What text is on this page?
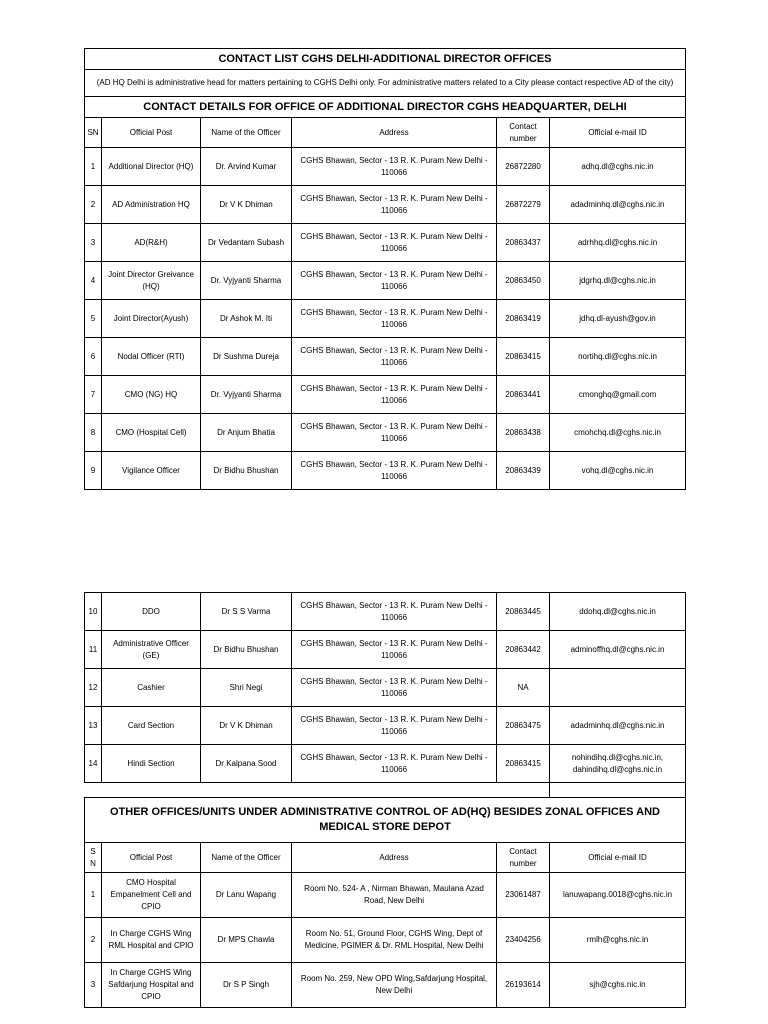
CONTACT LIST CGHS DELHI-ADDITIONAL DIRECTOR OFFICES					
(AD HQ Delhi is administrative head for matters pertaining to CGHS Delhi only. For administrative matters related to a City please contact respective AD of the city)					
CONTACT DETAILS FOR OFFICE OF ADDITIONAL DIRECTOR CGHS HEADQUARTER, DELHI					
SN	Official Post	Name of the Officer	Address	Contact number	Official e-mail ID
1	Additional Director (HQ)	Dr. Arvind Kumar	CGHS Bhawan, Sector - 13 R. K. Puram New Delhi - 110066	26872280	adhq.dl@cghs.nic.in
2	AD Administration HQ	Dr V K Dhiman	CGHS Bhawan, Sector - 13 R. K. Puram New Delhi - 110066	26872279	adadminhq.dl@cghs.nic.in
3	AD(R&H)	Dr Vedantam Subash	CGHS Bhawan, Sector - 13 R. K. Puram New Delhi - 110066	20863437	adrhhq.dl@cghs.nic.in
4	Joint Director Greivance (HQ)	Dr. Vyjyanti Sharma	CGHS Bhawan, Sector - 13 R. K. Puram New Delhi - 110066	20863450	jdgrhq.dl@cghs.nic.in
5	Joint Director(Ayush)	Dr Ashok M. Iti	CGHS Bhawan, Sector - 13 R. K. Puram New Delhi - 110066	20863419	jdhq.dl-ayush@gov.in
6	Nodal Officer (RTI)	Dr Sushma Dureja	CGHS Bhawan, Sector - 13 R. K. Puram New Delhi - 110066	20863415	nortihq.dl@cghs.nic.in
7	CMO (NG) HQ	Dr. Vyjyanti Sharma	CGHS Bhawan, Sector - 13 R. K. Puram New Delhi - 110066	20863441	cmonghq@gmail.com
8	CMO (Hospital Cell)	Dr Anjum Bhatia	CGHS Bhawan, Sector - 13 R. K. Puram New Delhi - 110066	20863438	cmohchq.dl@cghs.nic.in
9	Vigilance Officer	Dr Bidhu Bhushan	CGHS Bhawan, Sector - 13 R. K. Puram New Delhi - 110066	20863439	vohq.dl@cghs.nic.in
10	DDO	Dr S S Varma	CGHS Bhawan, Sector - 13 R. K. Puram New Delhi - 110066	20863445	ddohq.dl@cghs.nic.in
11	Administrative Officer (GE)	Dr Bidhu Bhushan	CGHS Bhawan, Sector - 13 R. K. Puram New Delhi - 110066	20863442	adminoffhq.dl@cghs.nic.in
12	Cashier	Shri Negi	CGHS Bhawan, Sector - 13 R. K. Puram New Delhi - 110066	NA	
13	Card Section	Dr V K Dhiman	CGHS Bhawan, Sector - 13 R. K. Puram New Delhi - 110066	20863475	adadminhq.dl@cghs.nic.in
14	Hindi Section	Dr Kalpana Sood	CGHS Bhawan, Sector - 13 R. K. Puram New Delhi - 110066	20863415	nohindihq.dl@cghs.nic.in, dahindihq.dl@cghs.nic.in

OTHER OFFICES/UNITS UNDER ADMINISTRATIVE CONTROL OF AD(HQ) BESIDES ZONAL OFFICES AND MEDICAL STORE DEPOT					
S N	Official Post	Name of the Officer	Address	Contact number	Official e-mail ID
1	CMO Hospital Empanelment Cell and CPIO	Dr Lanu Wapang	Room No. 524- A , Nirman Bhawan, Maulana Azad Road, New Delhi	23061487	lanuwapang.0018@cghs.nic.in
2	In Charge CGHS Wing RML Hospital and CPIO	Dr MPS Chawla	Room No. 51, Ground Floor, CGHS Wing, Dept of Medicine, PGIMER & Dr. RML Hospital, New Delhi	23404256	rmlh@cghs.nic.in
3	In Charge CGHS Wing Safdarjung Hospital and CPIO	Dr S P Singh	Room No. 259, New OPD Wing,Safdarjung Hospital, New Delhi	26193614	sjh@cghs.nic.in
